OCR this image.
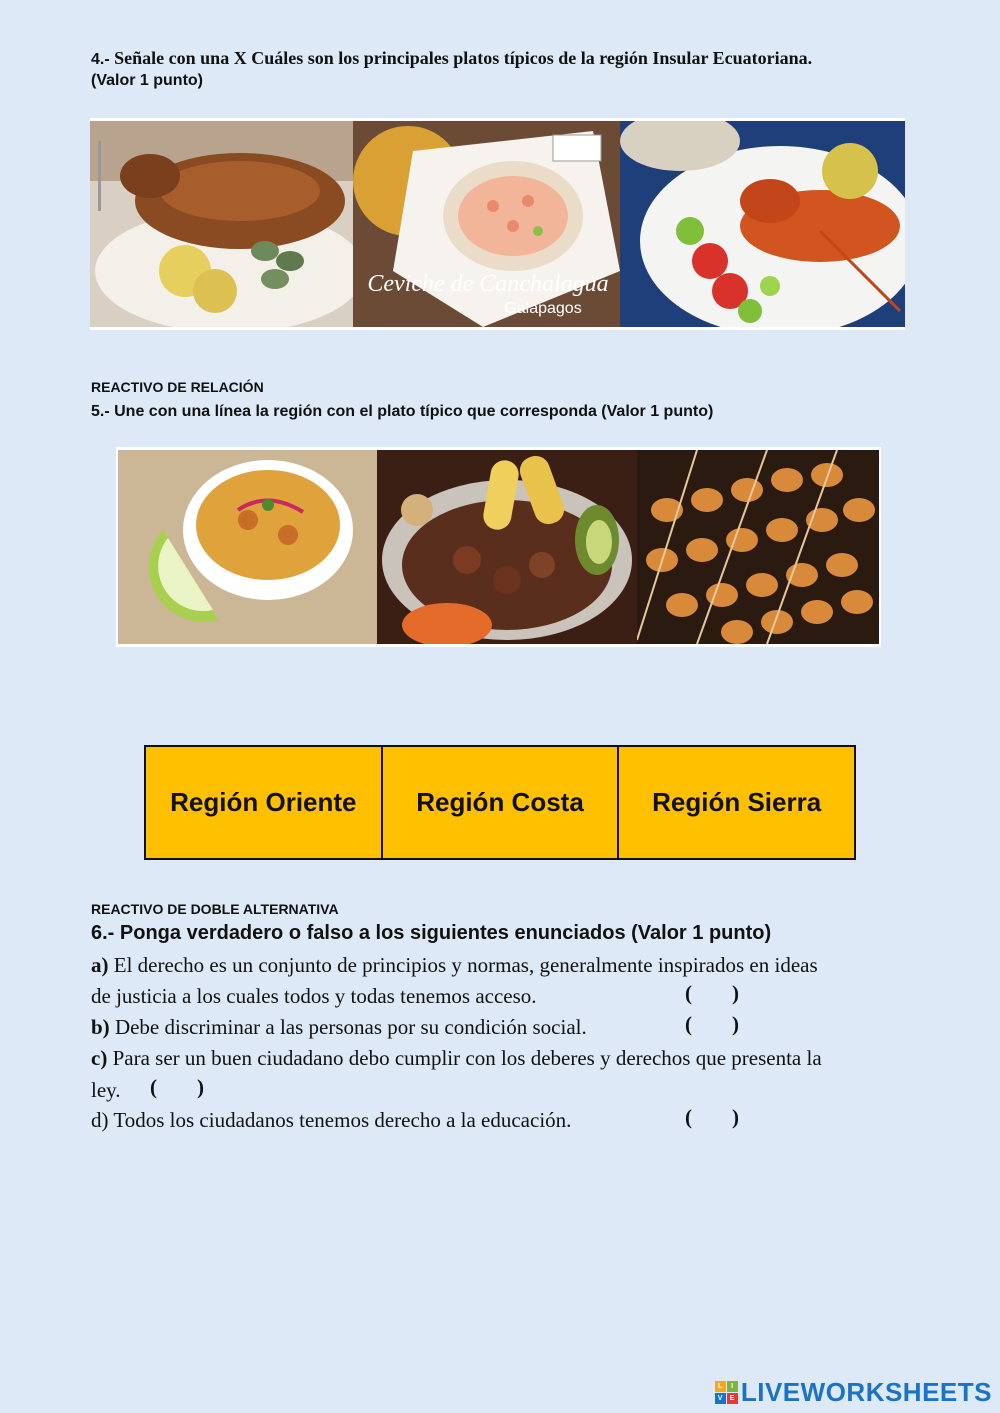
4.- Señale con una X Cuáles son los principales platos típicos de la región Insular Ecuatoriana.
(Valor 1 punto)
Ceviche de Canchalagua
Galapagos
REACTIVO DE RELACIÓN
5.- Une con una línea la región con el plato típico que corresponda (Valor 1 punto)
Región Oriente	Región Costa	Región Sierra
REACTIVO DE DOBLE ALTERNATIVA
6.- Ponga verdadero o falso a los siguientes enunciados (Valor 1 punto)
a) El derecho es un conjunto de principios y normas, generalmente inspirados en ideas
de justicia a los cuales todos y todas tenemos acceso.	( )
b) Debe discriminar a las personas por su condición social.	( )
c) Para ser un buen ciudadano debo cumplir con los deberes y derechos que presenta la
ley. ( )
d) Todos los ciudadanos tenemos derecho a la educación.	( )
L	I
V E LIVEWORKSHEETS
